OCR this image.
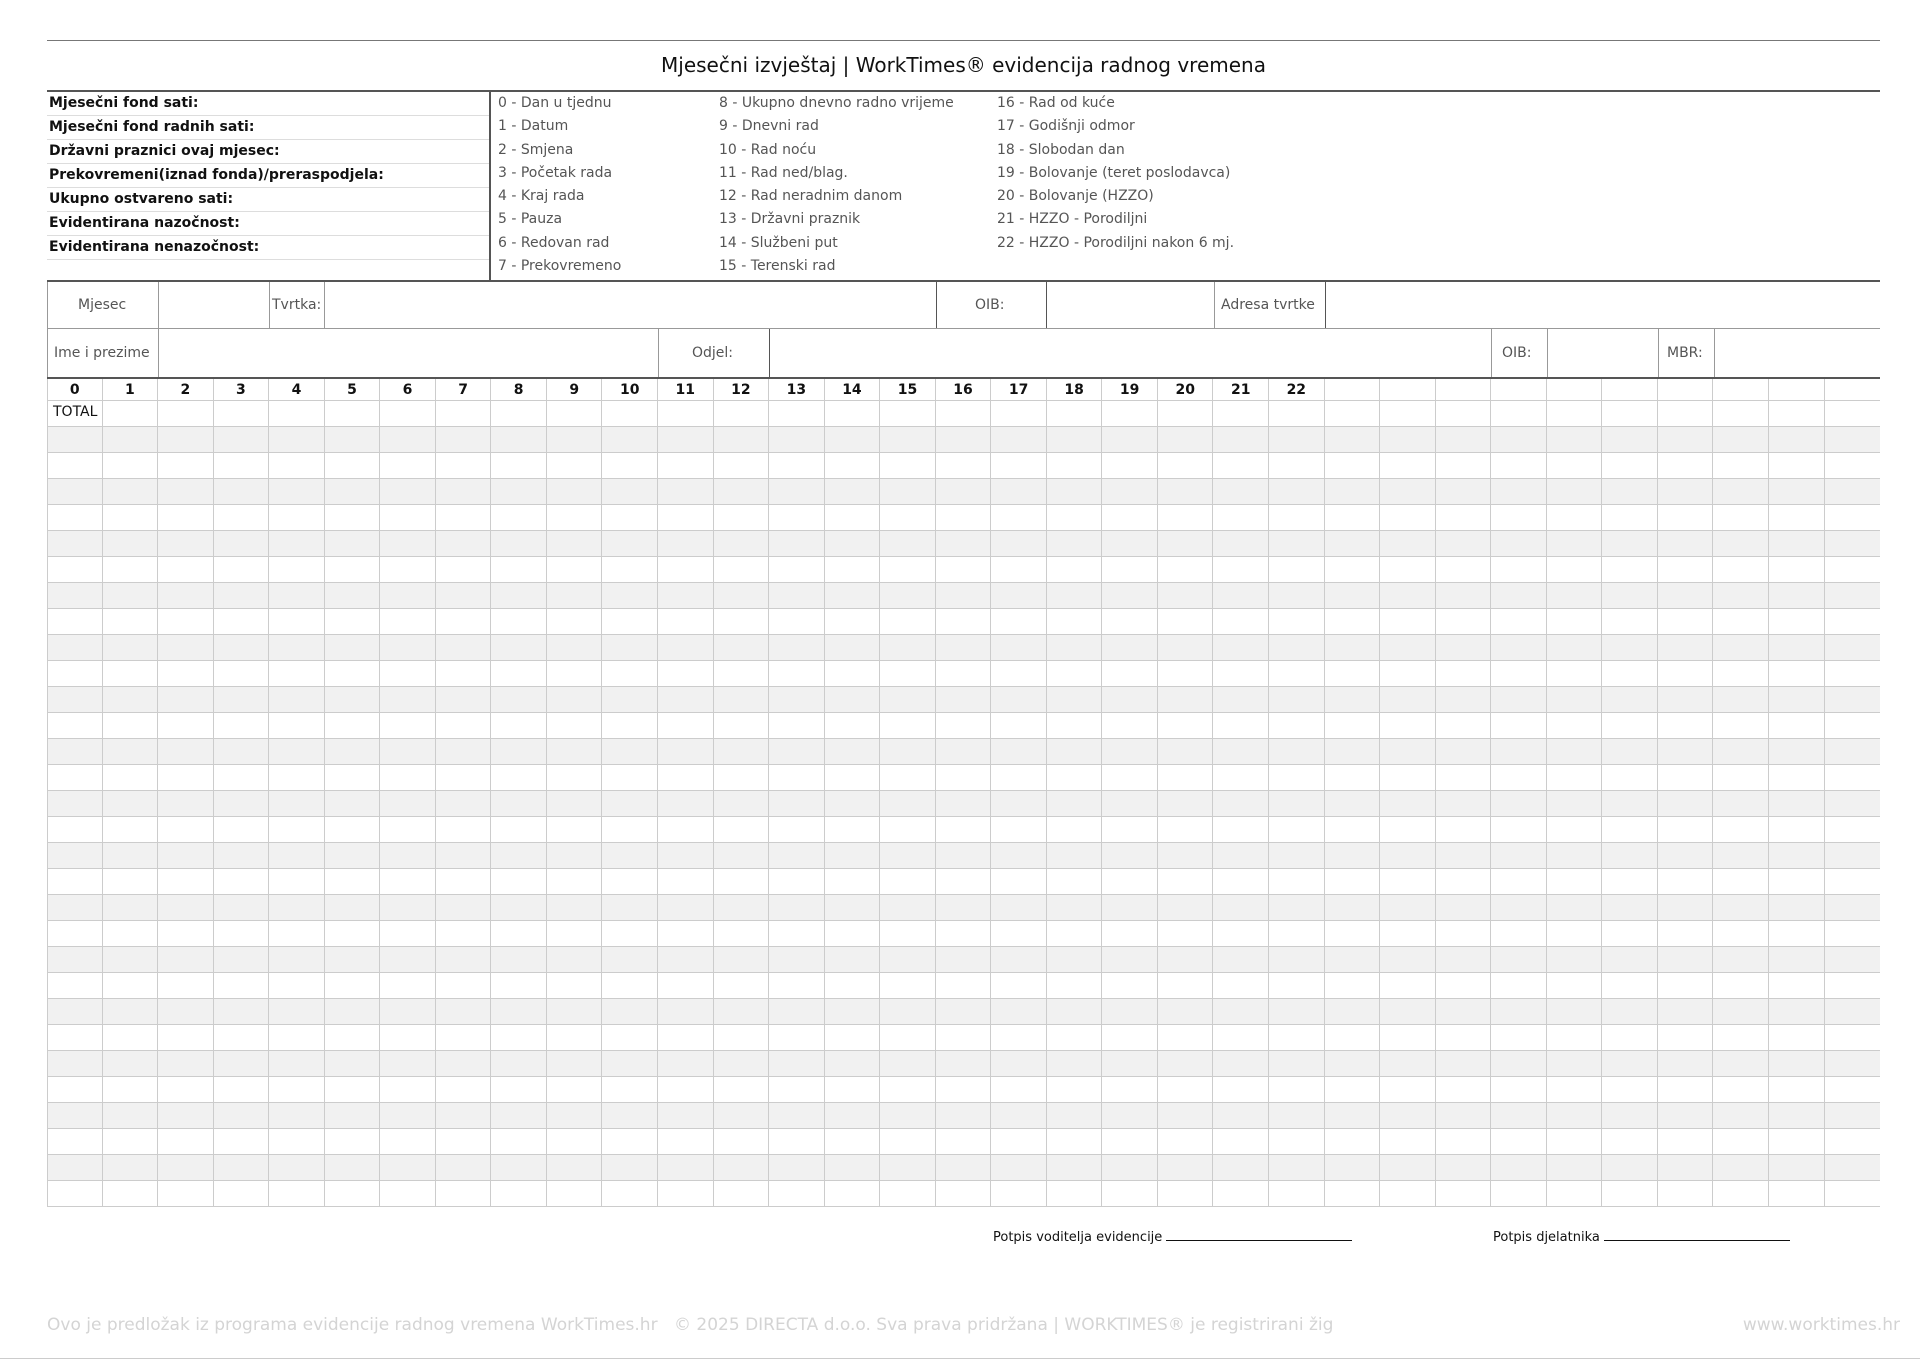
Mjesečni izvještaj | WorkTimes® evidencija radnog vremena
Mjesečni fond sati:
Mjesečni fond radnih sati:
Državni praznici ovaj mjesec:
Prekovremeni(iznad fonda)/preraspodjela:
Ukupno ostvareno sati:
Evidentirana nazočnost:
Evidentirana nenazočnost:
0 - Dan u tjednu
1 - Datum
2 - Smjena
3 - Početak rada
4 - Kraj rada
5 - Pauza
6 - Redovan rad
7 - Prekovremeno
8 - Ukupno dnevno radno vrijeme
9 - Dnevni rad
10 - Rad noću
11 - Rad ned/blag.
12 - Rad neradnim danom
13 - Državni praznik
14 - Službeni put
15 - Terenski rad
16 - Rad od kuće
17 - Godišnji odmor
18 - Slobodan dan
19 - Bolovanje (teret poslodavca)
20 - Bolovanje (HZZO)
21 - HZZO - Porodiljni
22 - HZZO - Porodiljni nakon 6 mj.
Mjesec	Tvrtka:	OIB:	Adresa tvrtke
Ime i prezime	Odjel:	OIB:	MBR:
0	1	2	3	4	5	6	7	8	9	10	11	12	13	14	15	16	17	18	19	20	21	22
TOTAL
Potpis voditelja evidencije	Potpis djelatnika
Ovo je predložak iz programa evidencije radnog vremena WorkTimes.hr © 2025 DIRECTA d.o.o. Sva prava pridržana | WORKTIMES® je registrirani žig	www.worktimes.hr
